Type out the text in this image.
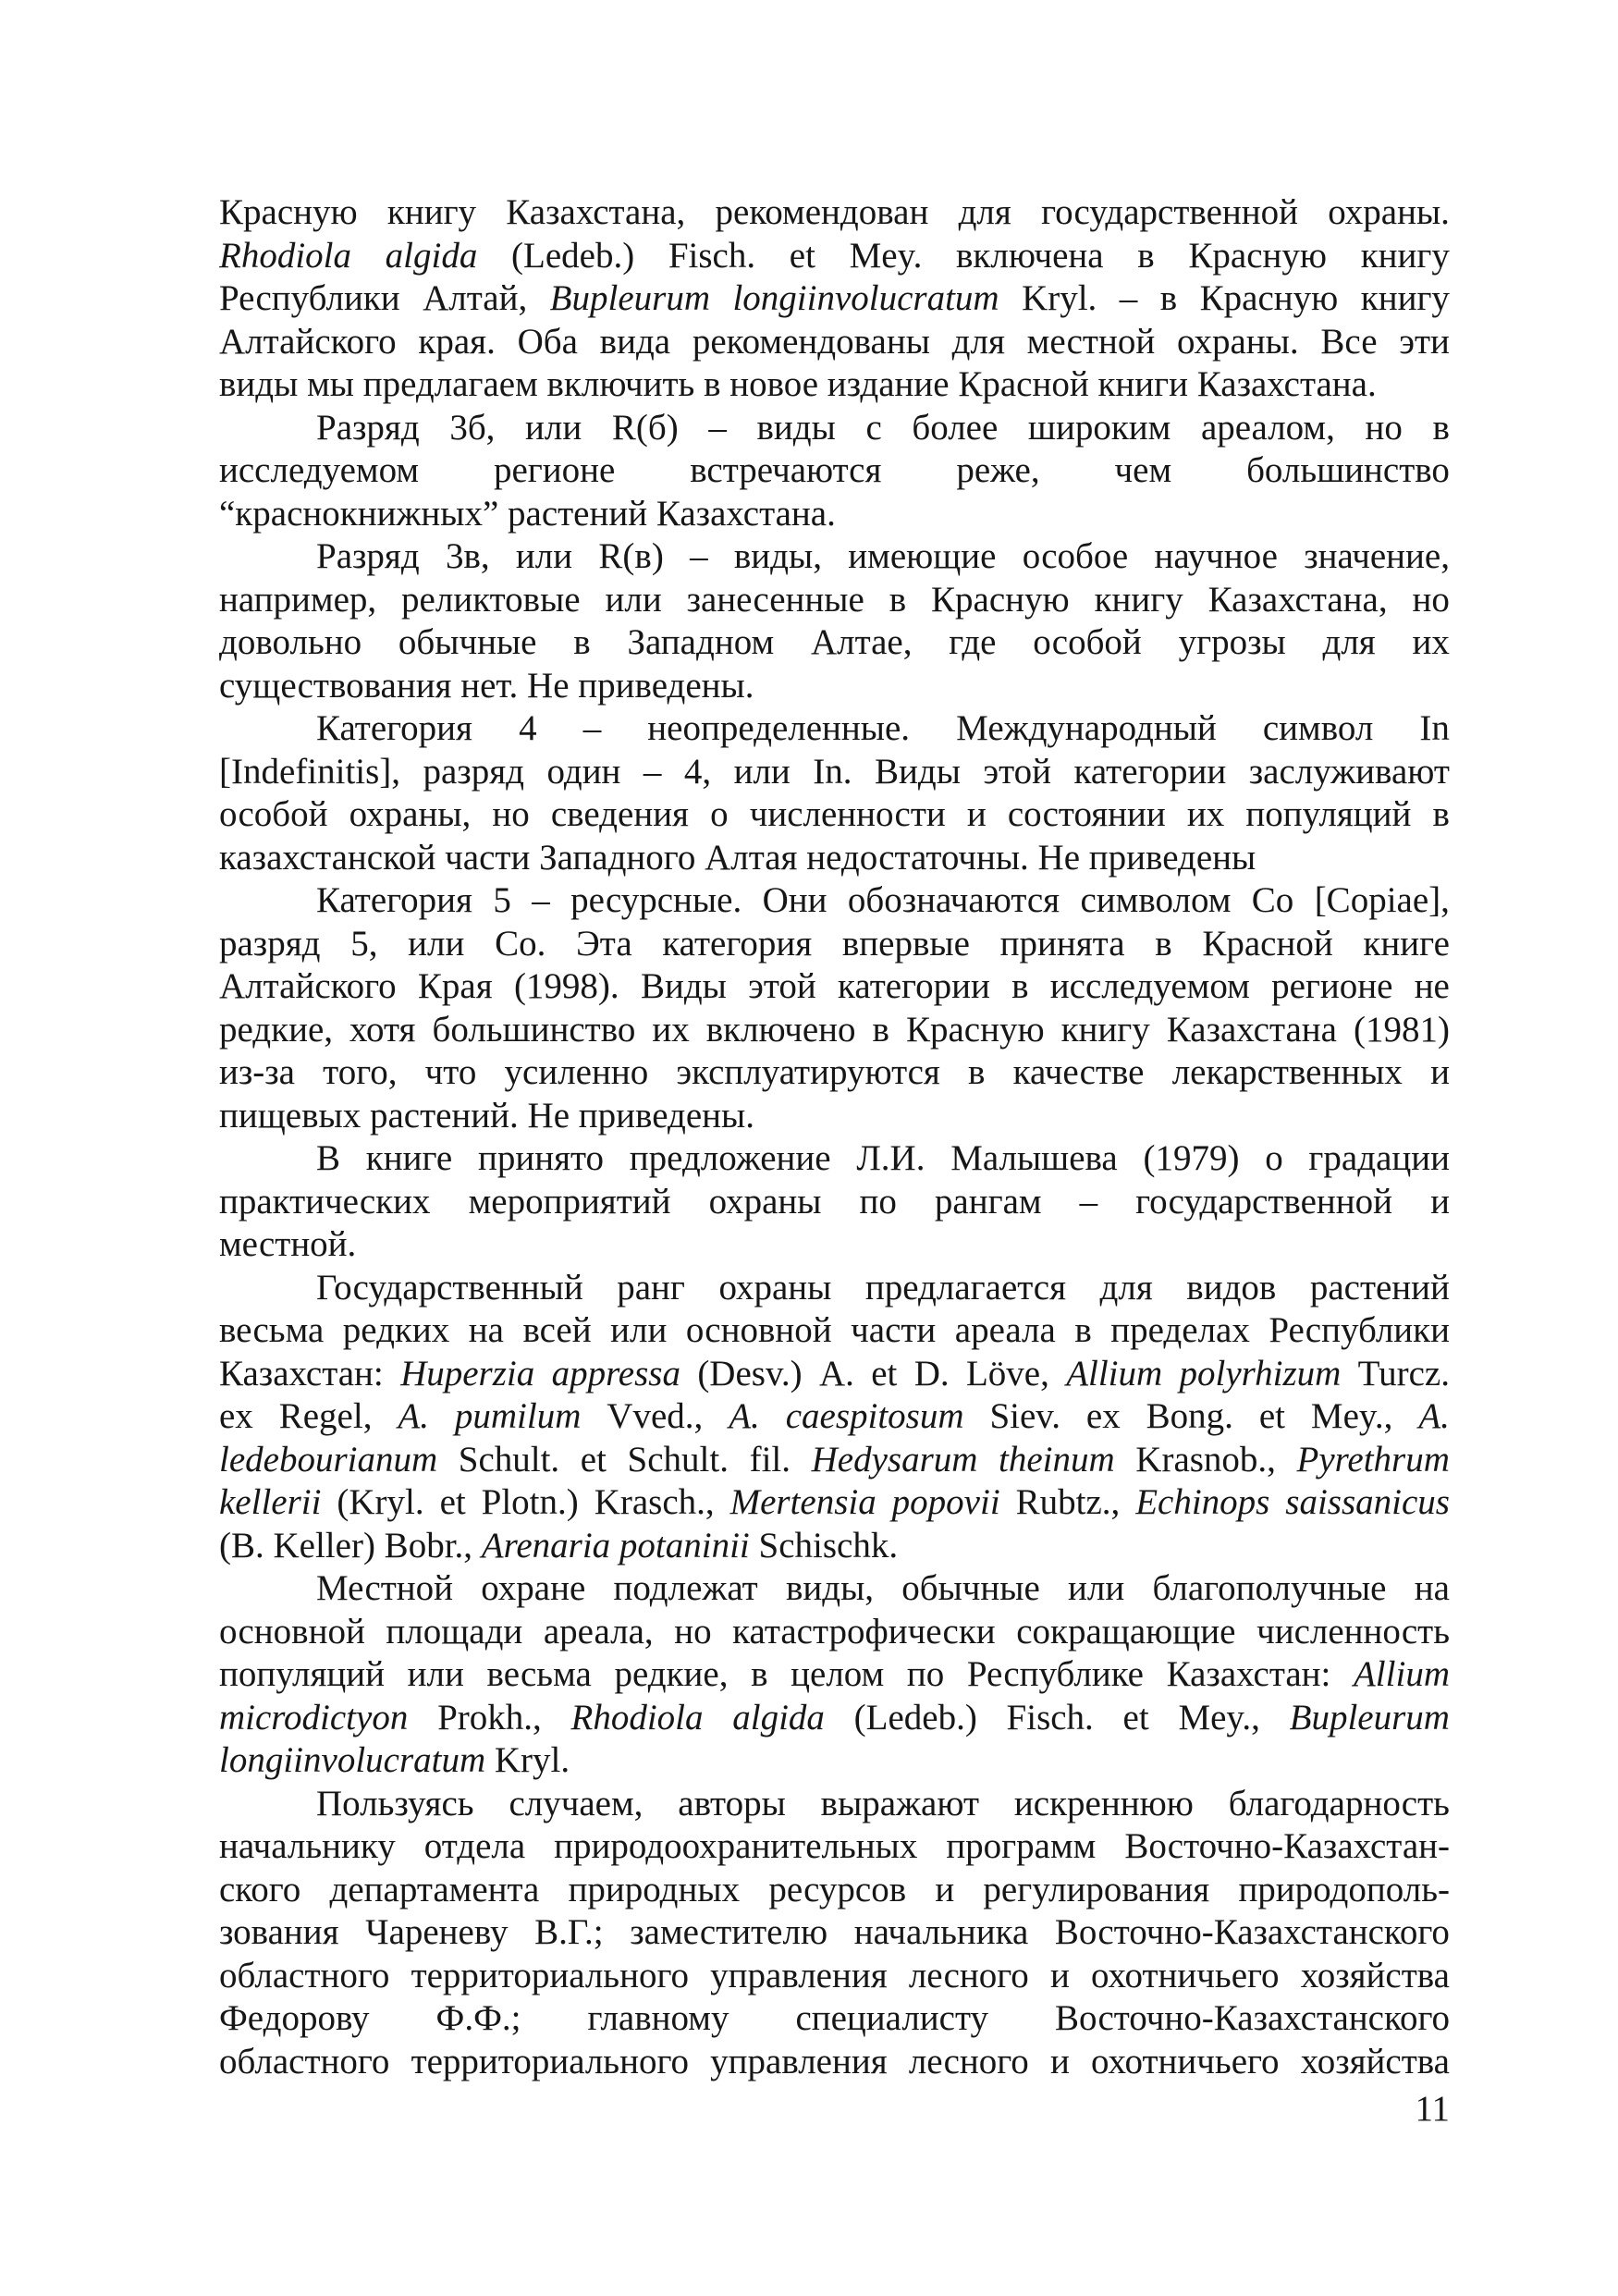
Красную книгу Казахстана, рекомендован для государственной охраны.
Rhodiola algida (Ledeb.) Fisch. et Mey. включена в Красную книгу
Республики Алтай, Bupleurum longiinvolucratum Kryl. – в Красную книгу
Алтайского края. Оба вида рекомендованы для местной охраны. Все эти
виды мы предлагаем включить в новое издание Красной книги Казахстана.
Разряд 3б, или R(б) – виды с более широким ареалом, но в
исследуемом регионе встречаются реже, чем большинство
“краснокнижных” растений Казахстана.
Разряд 3в, или R(в) – виды, имеющие особое научное значение,
например, реликтовые или занесенные в Красную книгу Казахстана, но
довольно обычные в Западном Алтае, где особой угрозы для их
существования нет. Не приведены.
Категория 4 – неопределенные. Международный символ In
[Indefinitis], разряд один – 4, или In. Виды этой категории заслуживают
особой охраны, но сведения о численности и состоянии их популяций в
казахстанской части Западного Алтая недостаточны. Не приведены
Категория 5 – ресурсные. Они обозначаются символом Co [Copiae],
разряд 5, или Co. Эта категория впервые принята в Красной книге
Алтайского Края (1998). Виды этой категории в исследуемом регионе не
редкие, хотя большинство их включено в Красную книгу Казахстана (1981)
из-за того, что усиленно эксплуатируются в качестве лекарственных и
пищевых растений. Не приведены.
В книге принято предложение Л.И. Малышева (1979) о градации
практических мероприятий охраны по рангам – государственной и
местной.
Государственный ранг охраны предлагается для видов растений
весьма редких на всей или основной части ареала в пределах Республики
Казахстан: Huperzia appressa (Desv.) A. et D. Löve, Allium polyrhizum Turcz.
ex Regel, A. pumilum Vved., A. caespitosum Siev. ex Bong. et Mey., A.
ledebourianum Schult. et Schult. fil. Hedysarum theinum Krasnob., Pyrethrum
kellerii (Kryl. et Plotn.) Krasch., Mertensia popovii Rubtz., Echinops saissanicus
(B. Keller) Bobr., Arenaria potaninii Schischk.
Местной охране подлежат виды, обычные или благополучные на
основной площади ареала, но катастрофически сокращающие численность
популяций или весьма редкие, в целом по Республике Казахстан: Allium
microdictyon Prokh., Rhodiola algida (Ledeb.) Fisch. et Mey., Bupleurum
longiinvolucratum Kryl.
Пользуясь случаем, авторы выражают искреннюю благодарность
начальнику отдела природоохранительных программ Восточно-Казахстан-
ского департамента природных ресурсов и регулирования природополь-
зования Чареневу В.Г.; заместителю начальника Восточно-Казахстанского
областного территориального управления лесного и охотничьего хозяйства
Федорову Ф.Ф.; главному специалисту Восточно-Казахстанского
областного территориального управления лесного и охотничьего хозяйства
11
